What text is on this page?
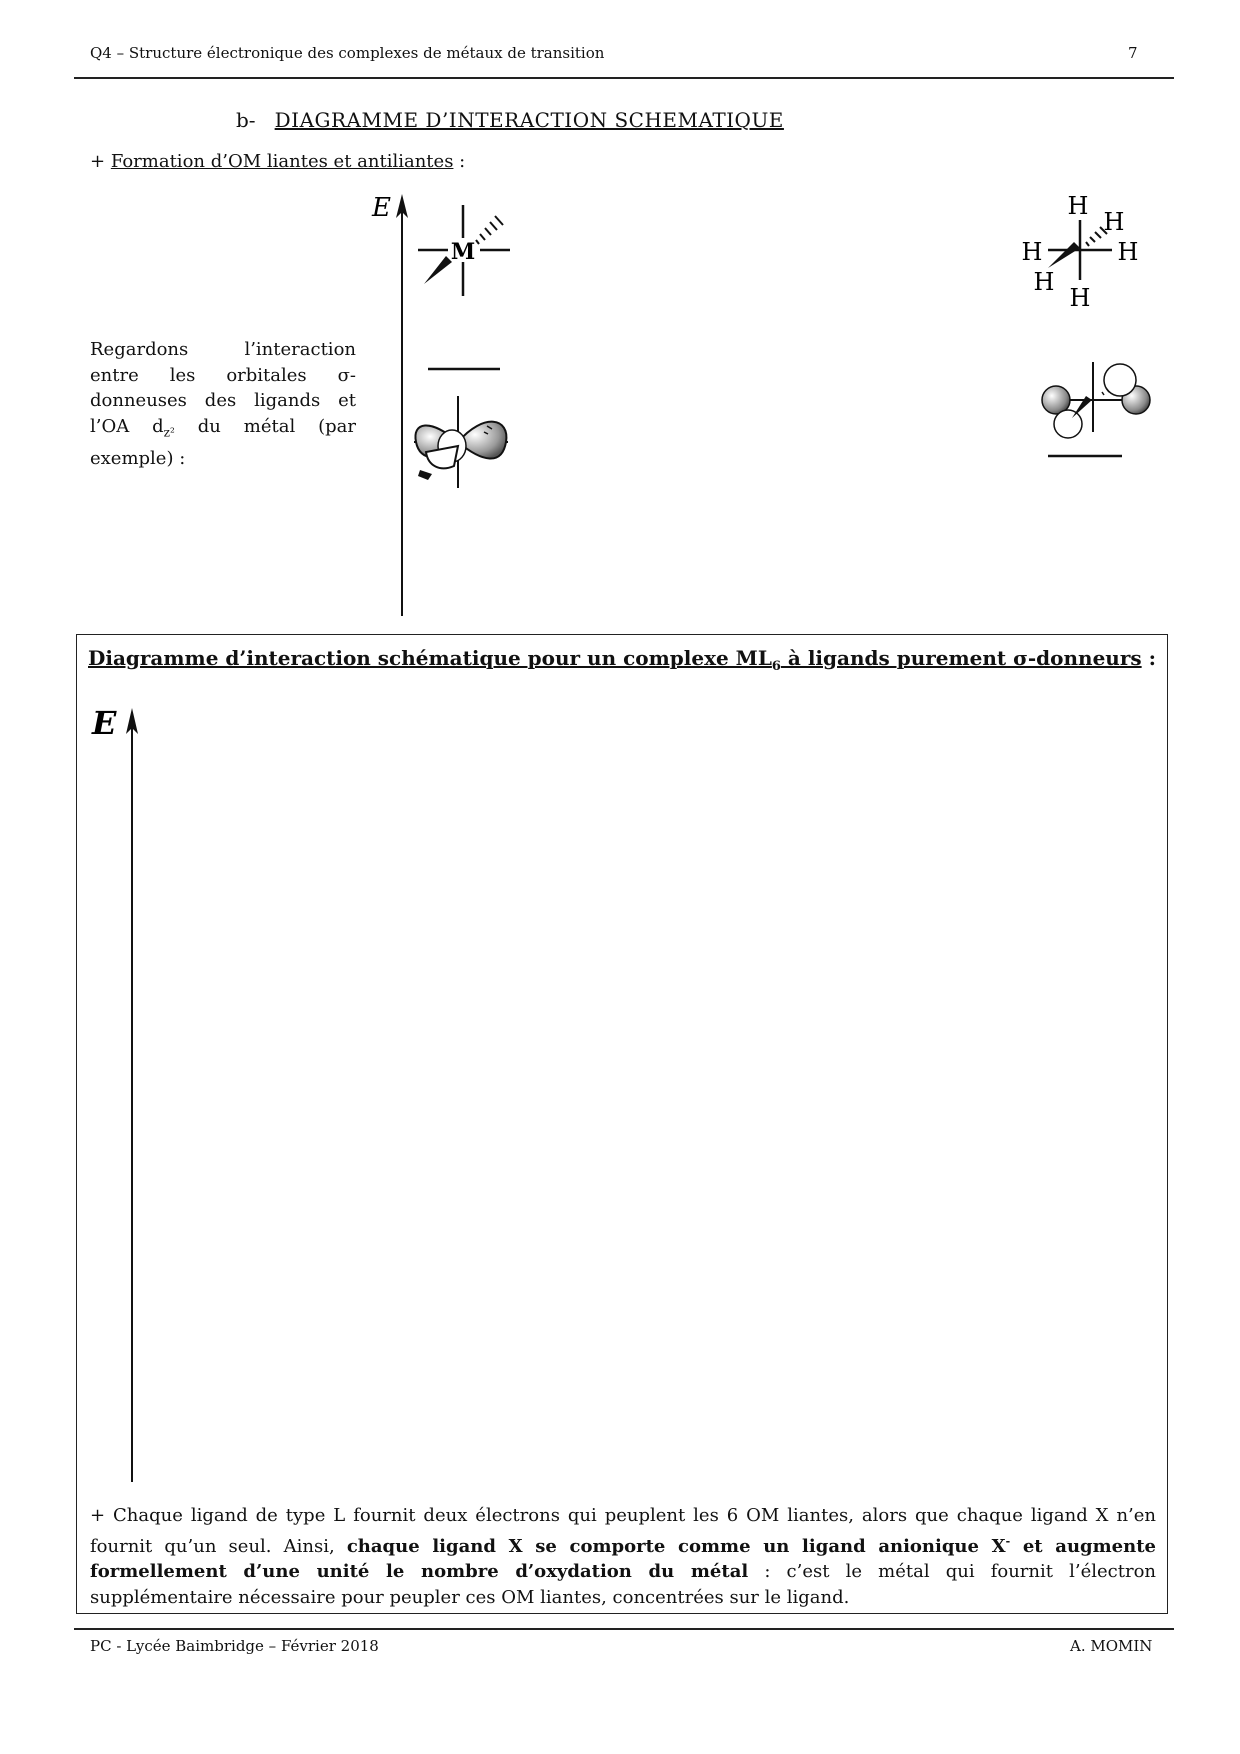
Q4 – Structure électronique des complexes de métaux de transition	7
b- DIAGRAMME D’INTERACTION SCHEMATIQUE
+ Formation d’OM liantes et antiliantes :
Regardons l’interaction entre les orbitales σ-donneuses des ligands et l’OA $d_{z^2}$ du métal (par exemple) :
E
M
H
H
H	H
H
H
Diagramme d’interaction schématique pour un complexe $ML_6$ à ligands purement σ-donneurs :
E
+ Chaque ligand de type L fournit deux électrons qui peuplent les 6 OM liantes, alors que chaque ligand X n’en fournit qu’un seul. Ainsi, chaque ligand X se comporte comme un ligand anionique X- et augmente formellement d’une unité le nombre d’oxydation du métal : c’est le métal qui fournit l’électron supplémentaire nécessaire pour peupler ces OM liantes, concentrées sur le ligand.
PC - Lycée Baimbridge – Février 2018	A. MOMIN
